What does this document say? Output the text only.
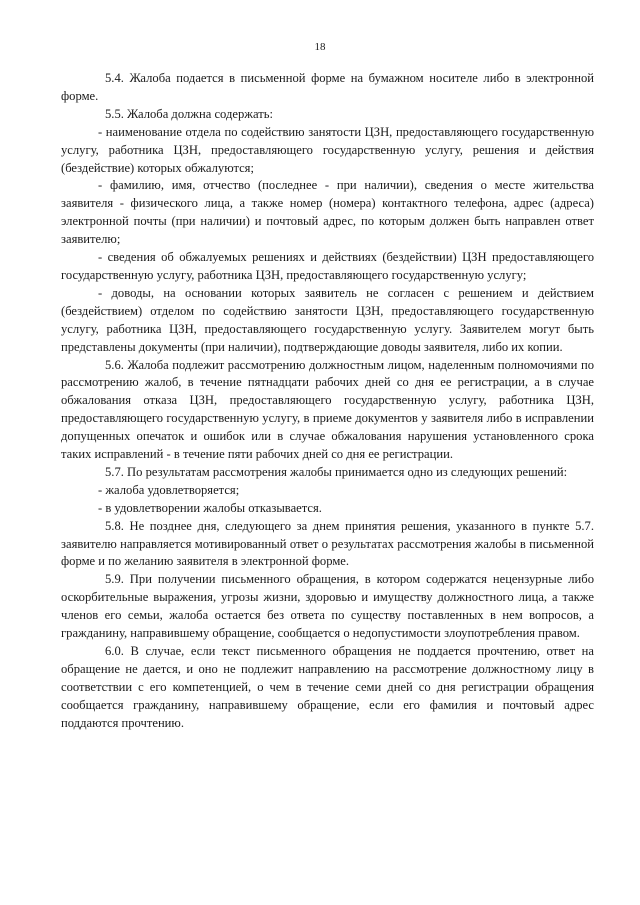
18

5.4. Жалоба подается в письменной форме на бумажном носителе либо в электронной форме.

5.5. Жалоба должна содержать:

- наименование отдела по содействию занятости ЦЗН, предоставляющего государственную услугу, работника ЦЗН, предоставляющего государственную услугу, решения и действия (бездействие) которых обжалуются;

- фамилию, имя, отчество (последнее - при наличии), сведения о месте жительства заявителя - физического лица, а также номер (номера) контактного телефона, адрес (адреса) электронной почты (при наличии) и почтовый адрес, по которым должен быть направлен ответ заявителю;

- сведения об обжалуемых решениях и действиях (бездействии) ЦЗН предоставляющего государственную услугу, работника ЦЗН, предоставляющего государственную услугу;

- доводы, на основании которых заявитель не согласен с решением и действием (бездействием) отделом по содействию занятости ЦЗН, предоставляющего государственную услугу, работника ЦЗН, предоставляющего государственную услугу. Заявителем могут быть представлены документы (при наличии), подтверждающие доводы заявителя, либо их копии.

5.6. Жалоба подлежит рассмотрению должностным лицом, наделенным полномочиями по рассмотрению жалоб, в течение пятнадцати рабочих дней со дня ее регистрации, а в случае обжалования отказа ЦЗН, предоставляющего государственную услугу, работника ЦЗН, предоставляющего государственную услугу, в приеме документов у заявителя либо в исправлении допущенных опечаток и ошибок или в случае обжалования нарушения установленного срока таких исправлений - в течение пяти рабочих дней со дня ее регистрации.

5.7. По результатам рассмотрения жалобы принимается одно из следующих решений:

- жалоба удовлетворяется;

- в удовлетворении жалобы отказывается.

5.8. Не позднее дня, следующего за днем принятия решения, указанного в пункте 5.7. заявителю направляется мотивированный ответ о результатах рассмотрения жалобы в письменной форме и по желанию заявителя в электронной форме.

5.9. При получении письменного обращения, в котором содержатся нецензурные либо оскорбительные выражения, угрозы жизни, здоровью и имуществу должностного лица, а также членов его семьи, жалоба остается без ответа по существу поставленных в нем вопросов, а гражданину, направившему обращение, сообщается о недопустимости злоупотребления правом.

6.0. В случае, если текст письменного обращения не поддается прочтению, ответ на обращение не дается, и оно не подлежит направлению на рассмотрение должностному лицу в соответствии с его компетенцией, о чем в течение семи дней со дня регистрации обращения сообщается гражданину, направившему обращение, если его фамилия и почтовый адрес поддаются прочтению.
